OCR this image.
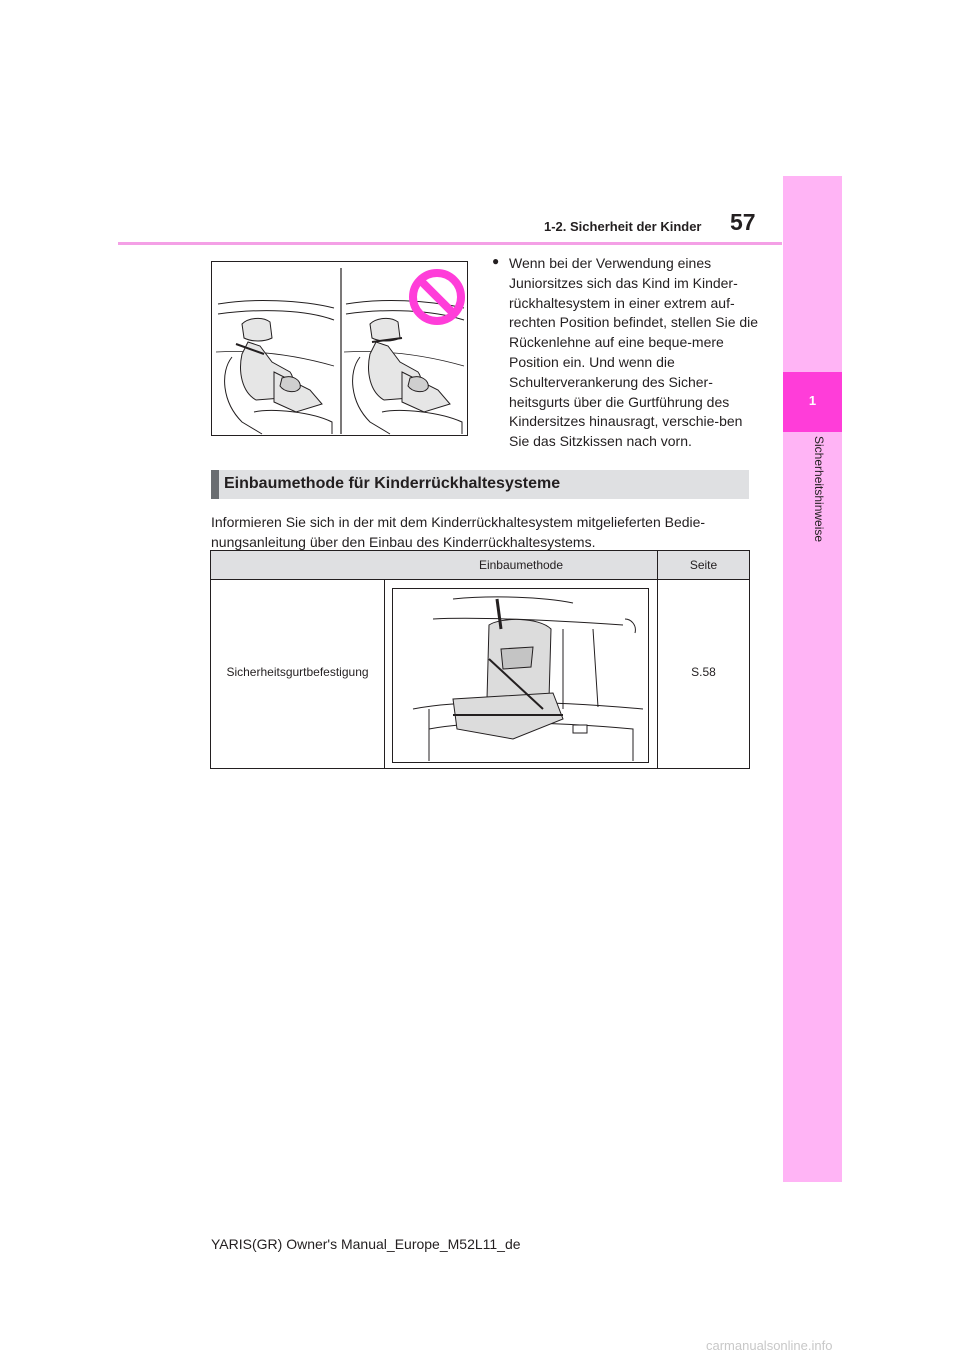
57
1-2. Sicherheit der Kinder
1
Sicherheitshinweise
● Wenn bei der Verwendung eines Juniorsitzes sich das Kind im Kinder-rückhaltesystem in einer extrem auf-rechten Position befindet, stellen Sie die Rückenlehne auf eine beque-mere Position ein. Und wenn die Schulterverankerung des Sicher-heitsgurts über die Gurtführung des Kindersitzes hinausragt, verschie-ben Sie das Sitzkissen nach vorn.
Einbaumethode für Kinderrückhaltesysteme
Informieren Sie sich in der mit dem Kinderrückhaltesystem mitgelieferten Bedie-nungsanleitung über den Einbau des Kinderrückhaltesystems.
Einbaumethode	Seite
Sicherheitsgurtbefestigung	S.58
YARIS(GR) Owner's Manual_Europe_M52L11_de
carmanualsonline.info
